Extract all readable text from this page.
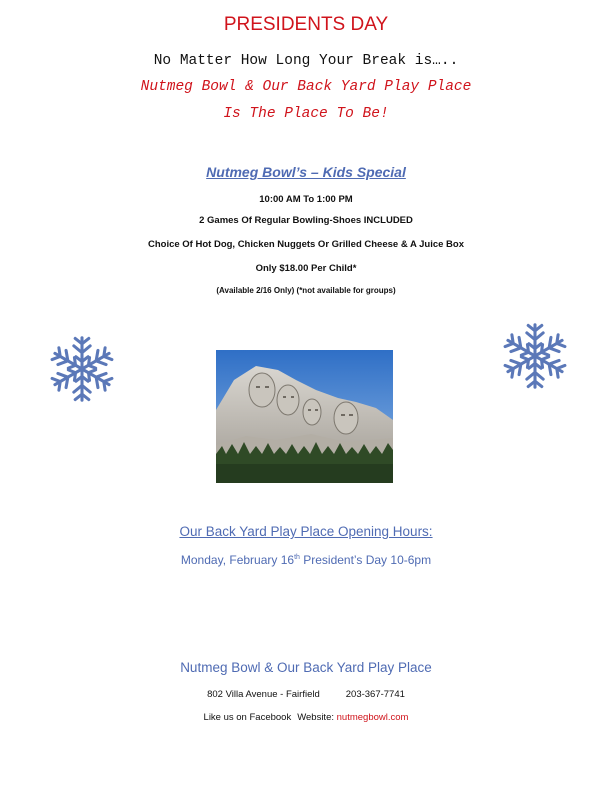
PRESIDENTS DAY
No Matter How Long Your Break is…..
Nutmeg Bowl & Our Back Yard Play Place
Is The Place To Be!
Nutmeg Bowl’s – Kids Special
10:00 AM To 1:00 PM
2 Games Of Regular Bowling-Shoes INCLUDED
Choice Of Hot Dog, Chicken Nuggets Or Grilled Cheese & A Juice Box
Only $18.00 Per Child*
(Available 2/16 Only) (*not available for groups)
Our Back Yard Play Place Opening Hours:
Monday, February 16th President’s Day 10-6pm
Nutmeg Bowl & Our Back Yard Play Place
802 Villa Avenue - Fairfield	203-367-7741
Like us on Facebook Website: nutmegbowl.com
